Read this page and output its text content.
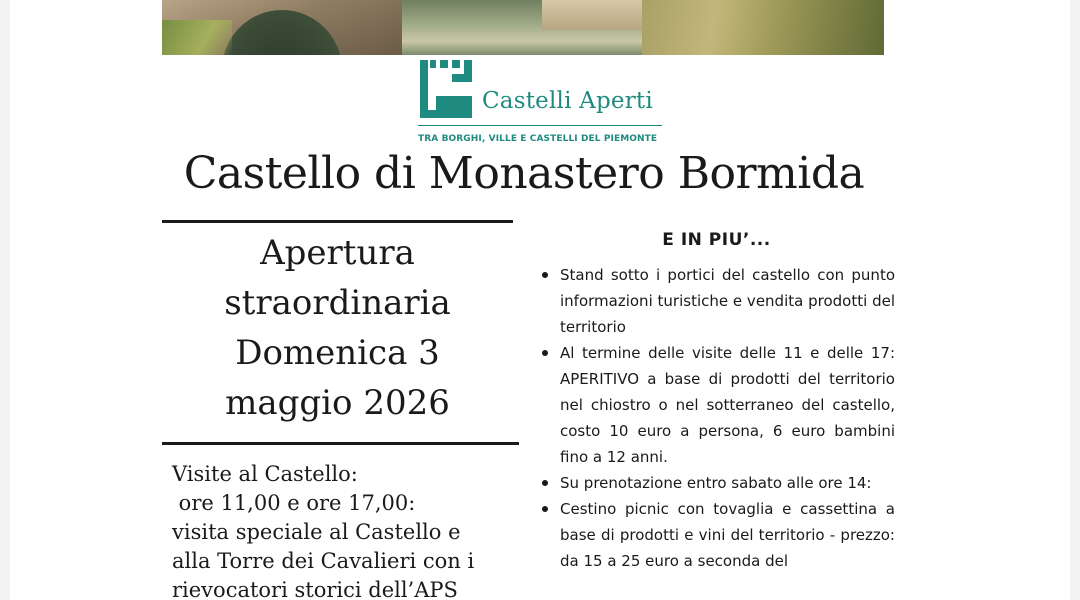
Castelli Aperti
TRA BORGHI, VILLE E CASTELLI DEL PIEMONTE
Castello di Monastero Bormida
Apertura
straordinaria
Domenica 3
maggio 2026
Visite al Castello:
ore 11,00 e ore 17,00:
visita speciale al Castello e
alla Torre dei Cavalieri con i
rievocatori storici dell’APS
E IN PIU’...
Stand sotto i portici del castello con punto informazioni turistiche e vendita prodotti del territorio
Al termine delle visite delle 11 e delle 17: APERITIVO a base di prodotti del territorio nel chiostro o nel sotterraneo del castello, costo 10 euro a persona, 6 euro bambini fino a 12 anni.
Su prenotazione entro sabato alle ore 14:
Cestino picnic con tovaglia e cassettina a base di prodotti e vini del territorio - prezzo: da 15 a 25 euro a seconda del
